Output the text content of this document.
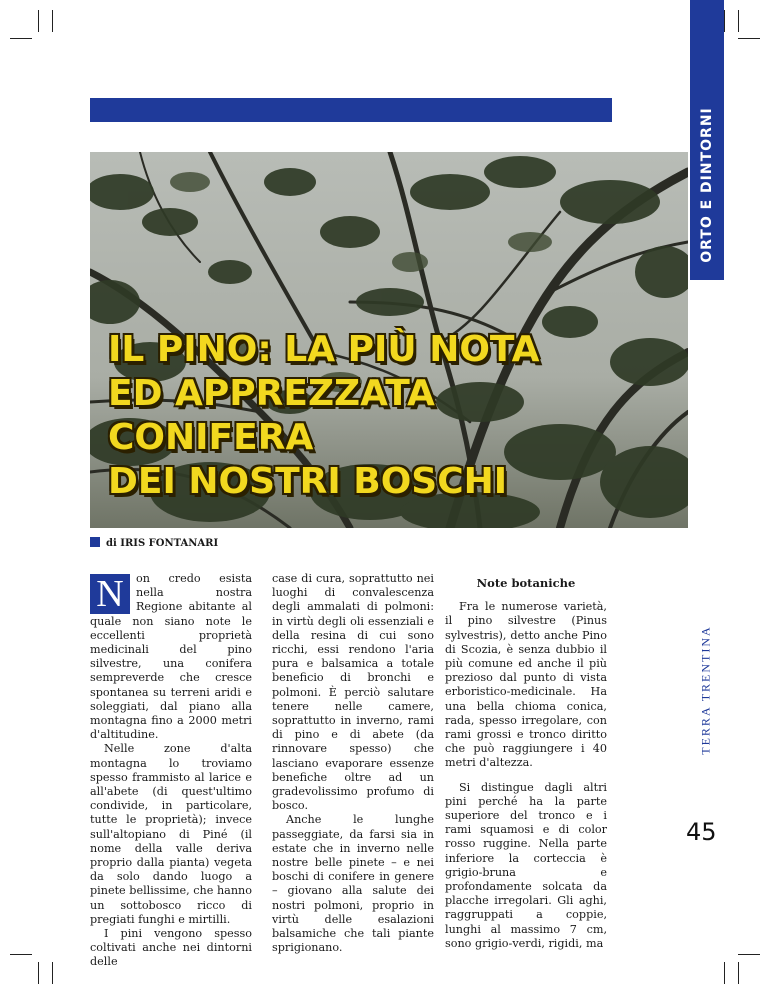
ORTO E DINTORNI
IL PINO: LA PIÙ NOTA
ED APPREZZATA
CONIFERA
DEI NOSTRI BOSCHI
di IRIS FONTANARI
N	on credo esista nella nostra Regione abitante al quale non siano note le eccellenti proprietà medicinali del pino silvestre, una conifera sempreverde che cresce spontanea su terreni aridi e soleggiati, dal piano alla montagna fino a 2000 metri d'altitudine.

Nelle zone d'alta montagna lo troviamo spesso frammisto al larice e all'abete (di quest'ultimo condivide, in particolare, tutte le proprietà); invece sull'altopiano di Piné (il nome della valle deriva proprio dalla pianta) vegeta da solo dando luogo a pinete bellissime, che hanno un sottobosco ricco di pregiati funghi e mirtilli.

I pini vengono spesso coltivati anche nei dintorni delle

case di cura, soprattutto nei luoghi di convalescenza degli ammalati di polmoni: in virtù degli oli essenziali e della resina di cui sono ricchi, essi rendono l'aria pura e balsamica a totale beneficio di bronchi e polmoni. È perciò salutare tenere nelle camere, soprattutto in inverno, rami di pino e di abete (da rinnovare spesso) che lasciano evaporare essenze benefiche oltre ad un gradevolissimo profumo di bosco.

Anche le lunghe passeggiate, da farsi sia in estate che in inverno nelle nostre belle pinete – e nei boschi di conifere in genere – giovano alla salute dei nostri polmoni, proprio in virtù delle esalazioni balsamiche che tali piante sprigionano.

Note botaniche

Fra le numerose varietà, il pino silvestre (Pinus sylvestris), detto anche Pino di Scozia, è senza dubbio il più comune ed anche il più prezioso dal punto di vista erboristico-medicinale. Ha una bella chioma conica, rada, spesso irregolare, con rami grossi e tronco diritto che può raggiungere i 40 metri d'altezza.

Si distingue dagli altri pini perché ha la parte superiore del tronco e i rami squamosi e di color rosso ruggine. Nella parte inferiore la corteccia è grigio-bruna e profondamente solcata da placche irregolari. Gli aghi, raggruppati a coppie, lunghi al massimo 7 cm, sono grigio-verdi, rigidi, ma

TERRA TRENTINA
45
